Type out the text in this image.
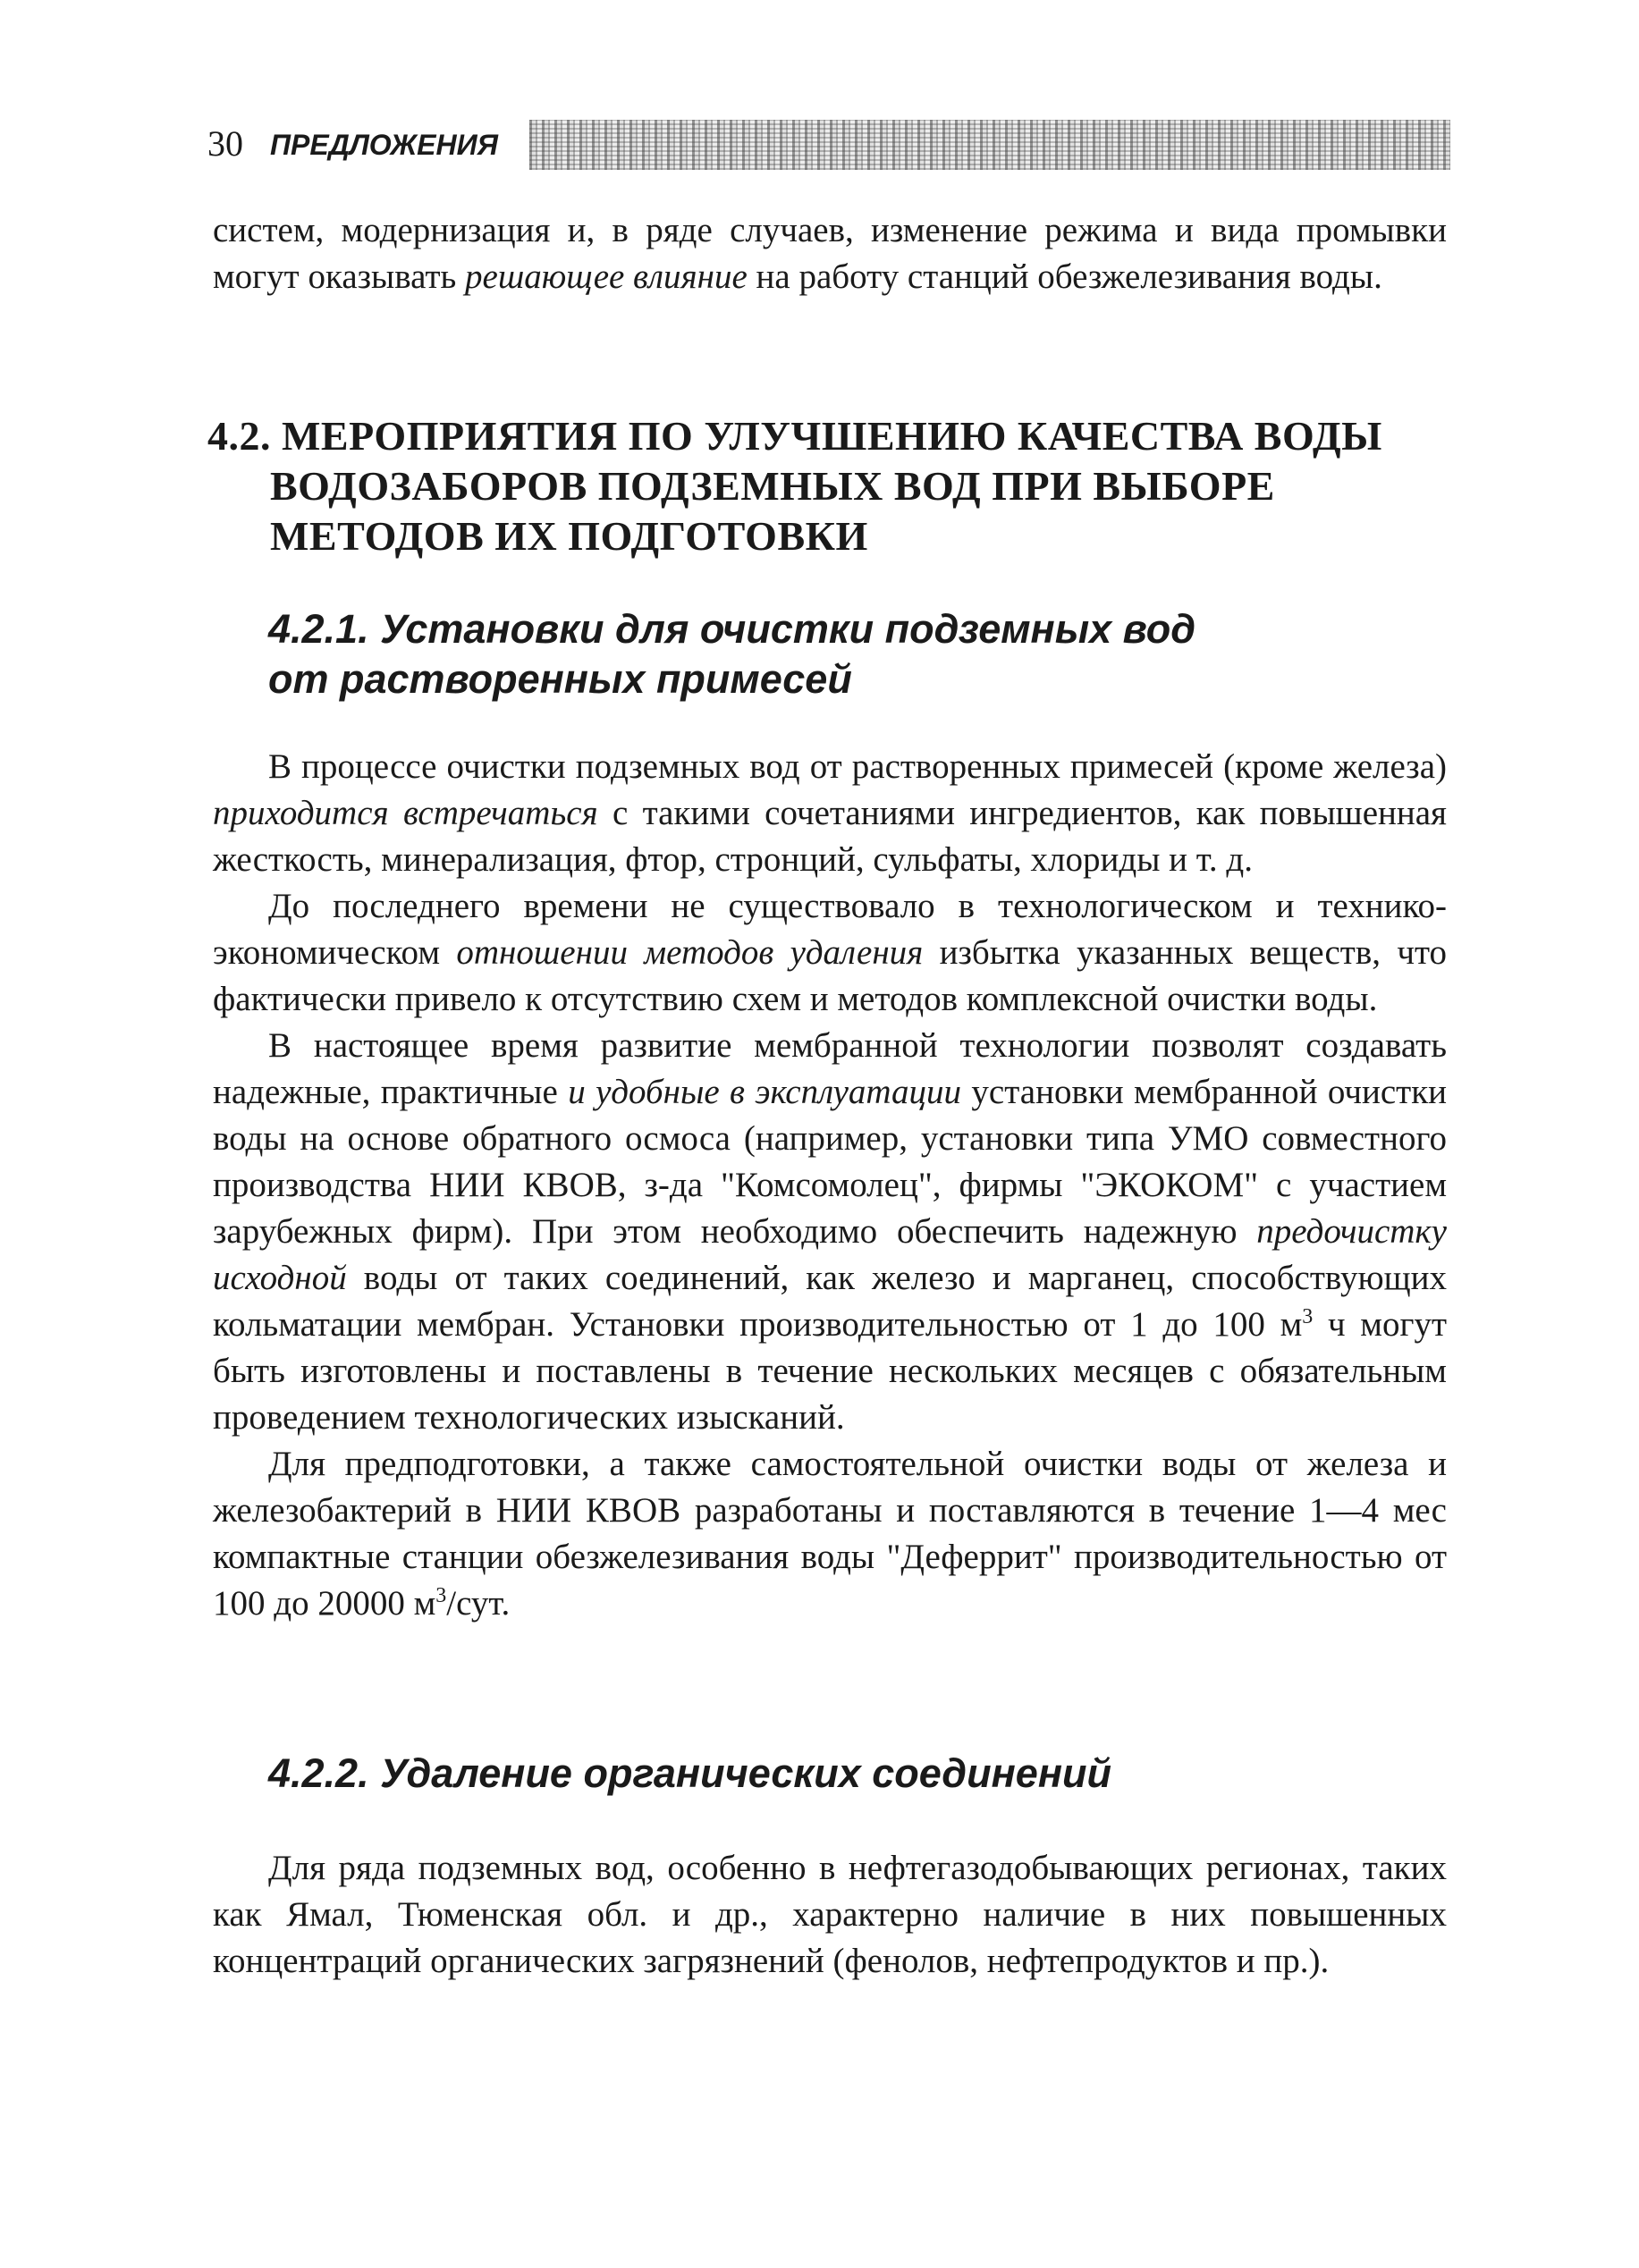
30 ПРЕДЛОЖЕНИЯ
систем, модернизация и, в ряде случаев, изменение режима и вида промывки могут оказывать решающее влияние на работу станций обезжелезивания воды.
4.2. МЕРОПРИЯТИЯ ПО УЛУЧШЕНИЮ КАЧЕСТВА ВОДЫ ВОДОЗАБОРОВ ПОДЗЕМНЫХ ВОД ПРИ ВЫБОРЕ МЕТОДОВ ИХ ПОДГОТОВКИ
4.2.1. Установки для очистки подземных вод
от растворенных примесей

В процессе очистки подземных вод от растворенных примесей (кроме железа) приходится встречаться с такими сочетаниями ингредиентов, как повышенная жесткость, минерализация, фтор, стронций, сульфаты, хлориды и т. д.

До последнего времени не существовало в технологическом и технико-экономическом отношении методов удаления избытка указанных веществ, что фактически привело к отсутствию схем и методов комплексной очистки воды.

В настоящее время развитие мембранной технологии позволят создавать надежные, практичные и удобные в эксплуатации установки мембранной очистки воды на основе обратного осмоса (например, установки типа УМО совместного производства НИИ КВОВ, з-да "Комсомолец", фирмы "ЭКОКОМ" с участием зарубежных фирм). При этом необходимо обеспечить надежную предочистку исходной воды от таких соединений, как железо и марганец, способствующих кольматации мембран. Установки производительностью от 1 до 100 $м^3$ ч могут быть изготовлены и поставлены в течение нескольких месяцев с обязательным проведением технологических изысканий.

Для предподготовки, а также самостоятельной очистки воды от железа и железобактерий в НИИ КВОВ разработаны и поставляются в течение 1—4 мес компактные станции обезжелезивания воды "Деферрит" производительностью от 100 до 20000 $м^3$/сут.

4.2.2. Удаление органических соединений

Для ряда подземных вод, особенно в нефтегазодобывающих регионах, таких как Ямал, Тюменская обл. и др., характерно наличие в них повышенных концентраций органических загрязнений (фенолов, нефтепродуктов и пр.).
